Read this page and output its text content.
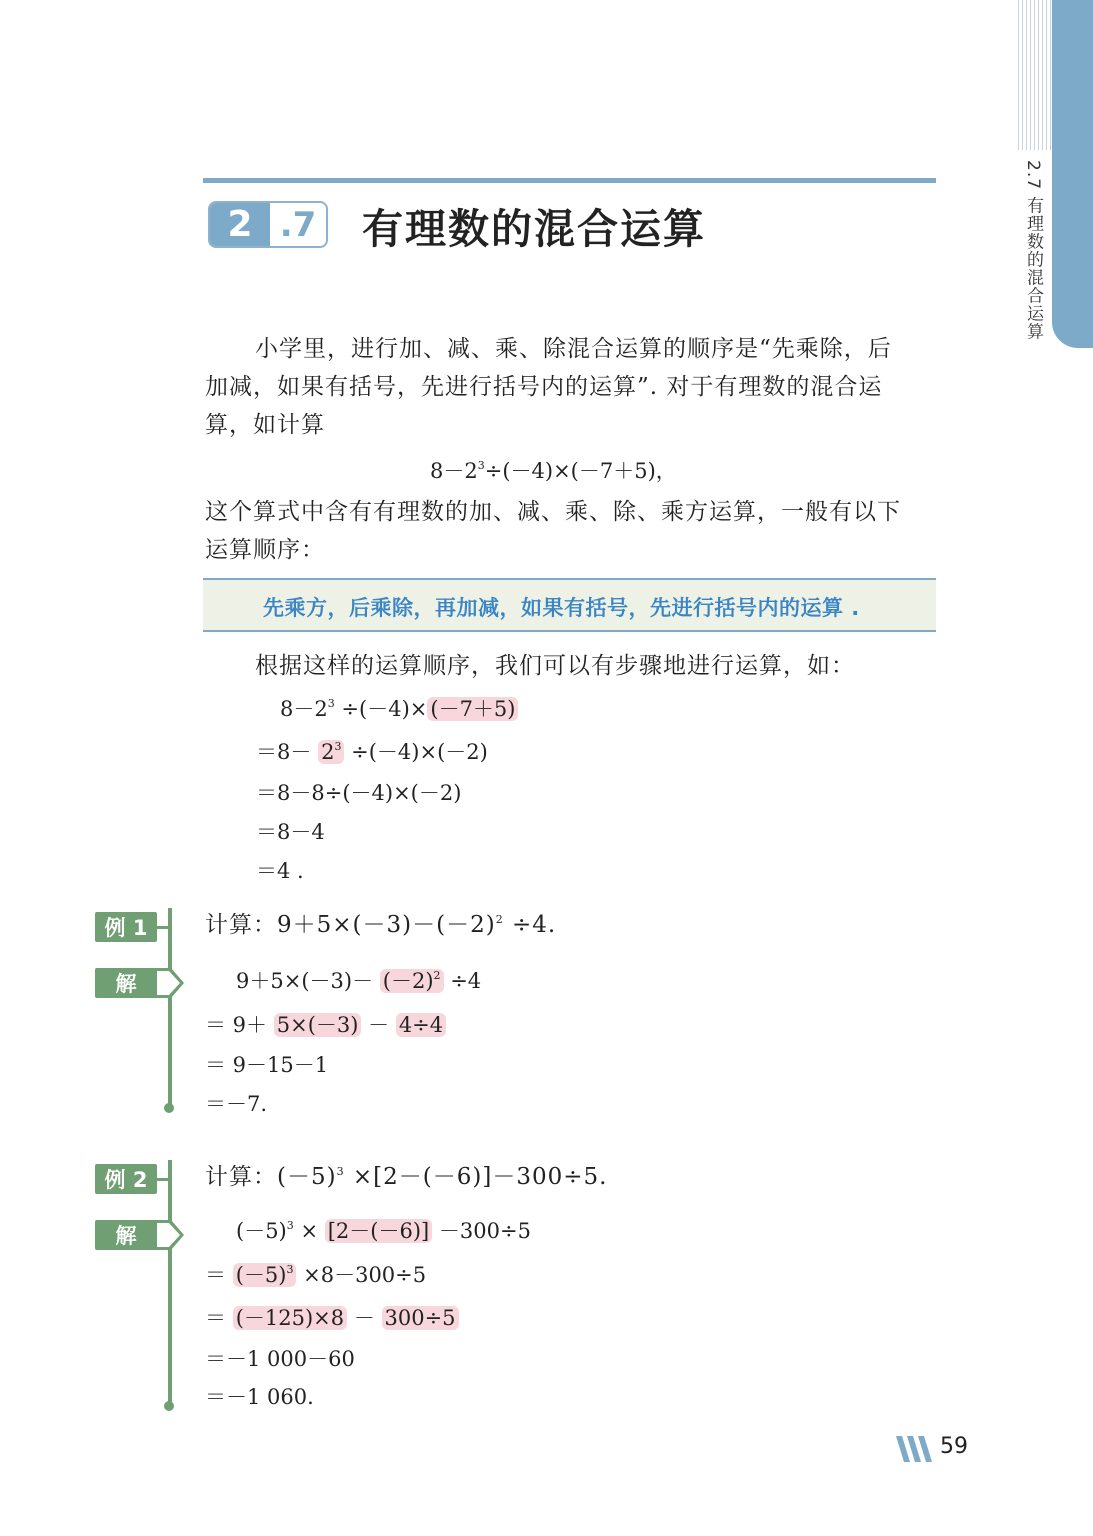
2.7 有理数的混合运算
2 .7 有理数的混合运算
小学里，进行加、减、乘、除混合运算的顺序是“先乘除，后
加减，如果有括号，先进行括号内的运算”. 对于有理数的混合运
算，如计算
$8-2^3\div(-4)\times(-7+5)$，
这个算式中含有有理数的加、减、乘、除、乘方运算，一般有以下
运算顺序：
先乘方，后乘除，再加减，如果有括号，先进行括号内的运算 .
根据这样的运算顺序，我们可以有步骤地进行运算，如：
$8-2^3 \div(-4)\times (-7+5)$
$=8- 2^3 \div(-4)\times(-2)$
＝8－8÷(－4)×(－2)
＝8－4
＝4 .
例 1
解
计算：$9+5\times(-3)-(-2)^2 \div 4$.
$9+5\times(-3)- (-2)^2 \div 4$
＝ 9＋ 5×(－3) － 4÷4
＝ 9－15－1
＝－7.
例 2
解
计算：$(-5)^3 \times[2-(-6)]-300\div 5$.
$(-5)^3 \times [2-(-6)] -300\div 5$
＝ $(-5)^3 \times 8-300\div 5$
＝ (－125)×8 － 300÷5
＝－1 000－60
＝－1 060.
59
